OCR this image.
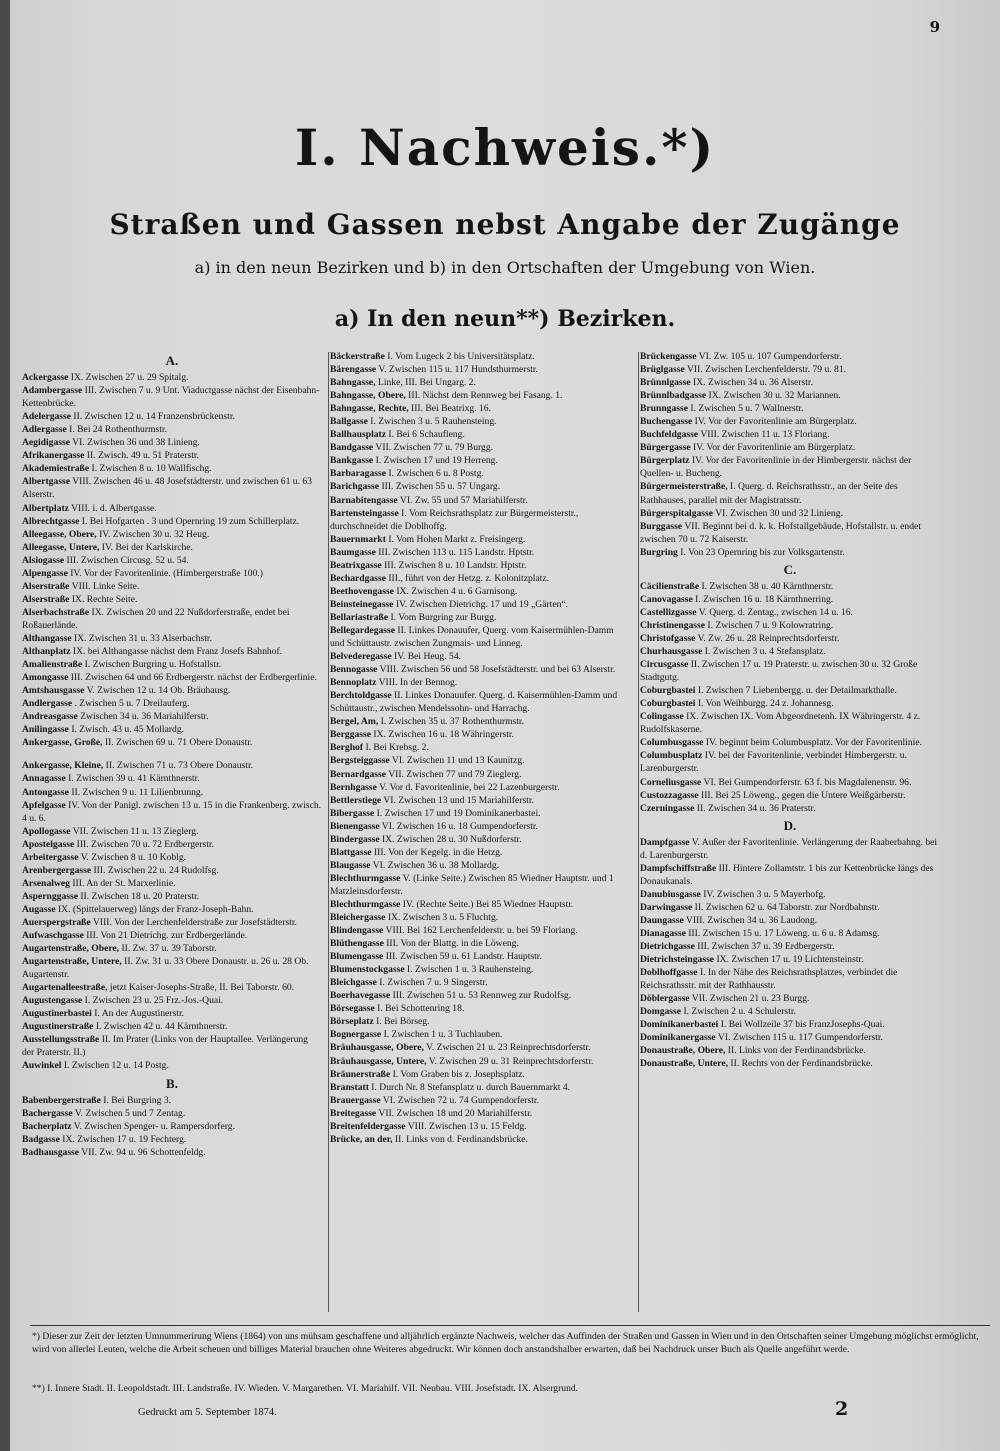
9
I. Nachweis.*)
Straßen und Gassen nebst Angabe der Zugänge
a) in den neun Bezirken und b) in den Ortschaften der Umgebung von Wien.
a) In den neun**) Bezirken.
A.

Ackergasse IX. Zwischen 27 u. 29 Spitalg.

Adambergasse III. Zwischen 7 u. 9 Unt. Viaductgasse nächst der Eisenbahn-Kettenbrücke.

Adelergasse II. Zwischen 12 u. 14 Franzensbrückenstr.

Adlergasse I. Bei 24 Rothenthurmstr.

Aegidigasse VI. Zwischen 36 und 38 Linieng.

Afrikanergasse II. Zwisch. 49 u. 51 Praterstr.

Akademiestraße I. Zwischen 8 u. 10 Wallfischg.

Albertgasse VIII. Zwischen 46 u. 48 Josefstädterstr. und zwischen 61 u. 63 Alserstr.

Albertplatz VIII. i. d. Albertgasse.

Albrechtgasse I. Bei Hofgarten . 3 und Opernring 19 zum Schillerplatz.

Alleegasse, Obere, IV. Zwischen 30 u. 32 Heug.

Alleegasse, Untere, IV. Bei der Karlskirche.

Alsiogasse III. Zwischen Circusg. 52 u. 54.

Alpengasse IV. Vor der Favoritenlinie. (Himbergerstraße 100.)

Alserstraße VIII. Linke Seite.

Alserstraße IX. Rechte Seite.

Alserbachstraße IX. Zwischen 20 und 22 Nußdorferstraße, endet bei Roßauerlände.

Althangasse IX. Zwischen 31 u. 33 Alserbachstr.

Althanplatz IX. bei Althangasse nächst dem Franz Josefs Bahnhof.

Amalienstraße I. Zwischen Burgring u. Hofstallstr.

Amongasse III. Zwischen 64 und 66 Erdbergerstr. nächst der Erdbergerlinie.

Amtshausgasse V. Zwischen 12 u. 14 Ob. Bräuhausg.

Andlergasse . Zwischen 5 u. 7 Dreilauferg.

Andreasgasse Zwischen 34 u. 36 Mariahilferstr.

Anilingasse I. Zwisch. 43 u. 45 Mollardg.

Ankergasse, Große, II. Zwischen 69 u. 71 Obere Donaustr.

Ankergasse, Kleine, II. Zwischen 71 u. 73 Obere Donaustr.

Annagasse I. Zwischen 39 u. 41 Kärnthnerstr.

Antongasse II. Zwischen 9 u. 11 Lilienbrunng.

Apfelgasse IV. Von der Panigl. zwischen 13 u. 15 in die Frankenberg. zwisch. 4 u. 6.

Apollogasse VII. Zwischen 11 u. 13 Zieglerg.

Apostelgasse III. Zwischen 70 u. 72 Erdbergerstr.

Arbeitergasse V. Zwischen 8 u. 10 Koblg.

Arenbergergasse III. Zwischen 22 u. 24 Rudolfsg.

Arsenalweg III. An der St. Marxerlinie.

Aspernggasse II. Zwischen 18 u. 20 Praterstr.

Augasse IX. (Spittelauerweg) längs der Franz-Joseph-Bahn.

Auerspergstraße VIII. Von der Lerchenfelderstraße zur Josefstädterstr.

Aufwaschgasse III. Von 21 Dietrichg. zur Erdbergerlände.

Augartenstraße, Obere, II. Zw. 37 u. 39 Taborstr.

Augartenstraße, Untere, II. Zw. 31 u. 33 Obere Donaustr. u. 26 u. 28 Ob. Augartenstr.

Augartenalleestraße, jetzt Kaiser-Josephs-Straße, II. Bei Taborstr. 60.

Augustengasse I. Zwischen 23 u. 25 Frz.-Jos.-Quai.

Augustinerbastei I. An der Augustinerstr.

Augustinerstraße I. Zwischen 42 u. 44 Kärnthnerstr.

Ausstellungsstraße II. Im Prater (Links von der Hauptallee. Verlängerung der Praterstr. II.)

Auwinkel I. Zwischen 12 u. 14 Postg.

B.

Babenbergerstraße I. Bei Burgring 3.

Bachergasse V. Zwischen 5 und 7 Zentag.

Bacherplatz V. Zwischen Spenger- u. Rampersdorferg.

Badgasse IX. Zwischen 17 u. 19 Fechterg.

Badhausgasse VII. Zw. 94 u. 96 Schottenfeldg.

Bäckerstraße I. Vom Lugeck 2 bis Universitätsplatz.

Bärengasse V. Zwischen 115 u. 117 Hundsthurmerstr.

Bahngasse, Linke, III. Bei Ungarg. 2.

Bahngasse, Obere, III. Nächst dem Rennweg bei Fasang. 1.

Bahngasse, Rechte, III. Bei Beatrixg. 16.

Ballgasse I. Zwischen 3 u. 5 Rauhensteing.

Ballhausplatz I. Bei 6 Schaufleng.

Bandgasse VII. Zwischen 77 u. 79 Burgg.

Bankgasse I. Zwischen 17 und 19 Herreng.

Barbaragasse I. Zwischen 6 u. 8 Postg.

Barichgasse III. Zwischen 55 u. 57 Ungarg.

Barnabitengasse VI. Zw. 55 und 57 Mariahilferstr.

Bartensteingasse I. Vom Reichsrathsplatz zur Bürgermeisterstr., durchschneidet die Doblhoffg.

Bauernmarkt I. Vom Hohen Markt z. Freisingerg.

Baumgasse III. Zwischen 113 u. 115 Landstr. Hptstr.

Beatrixgasse III. Zwischen 8 u. 10 Landstr. Hptstr.

Bechardgasse III., führt von der Hetzg. z. Kolonitzplatz.

Beethovengasse IX. Zwischen 4 u. 6 Garnisong.

Beinsteinegasse IV. Zwischen Dietrichg. 17 und 19 „Gärten“.

Bellariastraße I. Vom Burgring zur Burgg.

Bellegardegasse II. Linkes Donauufer, Querg. vom Kaisermühlen-Damm und Schüttaustr. zwischen Zungmais- und Linneg.

Belvederegasse IV. Bei Heug. 54.

Bennogasse VIII. Zwischen 56 und 58 Josefstädterstr. und bei 63 Alserstr.

Bennoplatz VIII. In der Bennog.

Berchtoldgasse II. Linkes Donauufer. Querg. d. Kaisermühlen-Damm und Schüttaustr., zwischen Mendelssohn- und Harrachg.

Bergel, Am, I. Zwischen 35 u. 37 Rothenthurmstr.

Berggasse IX. Zwischen 16 u. 18 Währingerstr.

Berghof I. Bei Krebsg. 2.

Bergsteiggasse VI. Zwischen 11 und 13 Kaunitzg.

Bernardgasse VII. Zwischen 77 und 79 Zieglerg.

Bernhgasse V. Vor d. Favoritenlinie, bei 22 Lazenburgerstr.

Bettlerstiege VI. Zwischen 13 und 15 Mariahilferstr.

Bibergasse I. Zwischen 17 und 19 Dominikanerbastei.

Bienengasse VI. Zwischen 16 u. 18 Gumpendorferstr.

Bindergasse IX. Zwischen 28 u. 30 Nußdorferstr.

Blattgasse III. Von der Kegelg. in die Hetzg.

Blaugasse VI. Zwischen 36 u. 38 Mollardg.

Blechthurmgasse V. (Linke Seite.) Zwischen 85 Wiedner Hauptstr. und 1 Matzleinsdorferstr.

Blechthurmgasse IV. (Rechte Seite.) Bei 85 Wiedner Hauptstr.

Bleichergasse IX. Zwischen 3 u. 5 Fluchtg.

Blindengasse VIII. Bei 162 Lerchenfelderstr. u. bei 59 Floriang.

Blüthengasse III. Von der Blattg. in die Löweng.

Blumengasse III. Zwischen 59 u. 61 Landstr. Hauptstr.

Blumenstockgasse I. Zwischen 1 u. 3 Rauhensteing.

Bleichgasse I. Zwischen 7 u. 9 Singerstr.

Boerhavegasse III. Zwischen 51 u. 53 Rennweg zur Rudolfsg.

Börsegasse I. Bei Schottenring 18.

Börseplatz I. Bei Börseg.

Bognergasse I. Zwischen 1 u. 3 Tuchlauben.

Bräuhausgasse, Obere, V. Zwischen 21 u. 23 Reinprechtsdorferstr.

Bräuhausgasse, Untere, V. Zwischen 29 u. 31 Reinprechtsdorferstr.

Bräunerstraße I. Vom Graben bis z. Josephsplatz.

Branstatt I. Durch Nr. 8 Stefansplatz u. durch Bauernmarkt 4.

Brauergasse VI. Zwischen 72 u. 74 Gumpendorferstr.

Breitegasse VII. Zwischen 18 und 20 Mariahilferstr.

Breitenfeldergasse VIII. Zwischen 13 u. 15 Feldg.

Brücke, an der, II. Links von d. Ferdinandsbrücke.

Brückengasse VI. Zw. 105 u. 107 Gumpendorferstr.

Brüglgasse VII. Zwischen Lerchenfelderstr. 79 u. 81.

Brünnlgasse IX. Zwischen 34 u. 36 Alserstr.

Brünnlbadgasse IX. Zwischen 30 u. 32 Mariannen.

Brunngasse I. Zwischen 5 u. 7 Wallnerstr.

Buchengasse IV. Vor der Favoritenlinie am Bürgerplatz.

Buchfeldgasse VIII. Zwischen 11 u. 13 Floriang.

Bürgergasse IV. Vor der Favoritenlinie am Bürgerplatz.

Bürgerplatz IV. Vor der Favoritenlinie in der Himbergerstr. nächst der Quellen- u. Bucheng.

Bürgermeisterstraße, I. Querg. d. Reichsrathsstr., an der Seite des Rathhauses, parallel mit der Magistratsstr.

Bürgerspitalgasse VI. Zwischen 30 und 32 Linieng.

Burggasse VII. Beginnt bei d. k. k. Hofstallgebäude, Hofstallstr. u. endet zwischen 70 u. 72 Kaiserstr.

Burgring I. Von 23 Opernring bis zur Volksgartenstr.

C.

Cäcilienstraße I. Zwischen 38 u. 40 Kärnthnerstr.

Canovagasse I. Zwischen 16 u. 18 Kärnthnerring.

Castellizgasse V. Querg. d. Zentag., zwischen 14 u. 16.

Christinengasse I. Zwischen 7 u. 9 Kolowratring.

Christofgasse V. Zw. 26 u. 28 Reinprechtsdorferstr.

Churhausgasse I. Zwischen 3 u. 4 Stefansplatz.

Circusgasse II. Zwischen 17 u. 19 Praterstr. u. zwischen 30 u. 32 Große Stadtgutg.

Coburgbastei I. Zwischen 7 Liebenbergg. u. der Detailmarkthalle.

Coburgbastei I. Von Weihburgg. 24 z. Johannesg.

Colingasse IX. Zwischen IX. Vom Abgeordnetenh. IX Währingerstr. 4 z. Rudolfskaserne.

Columbusgasse IV. beginnt beim Columbusplatz. Vor der Favoritenlinie.

Columbusplatz IV. bei der Favoritenlinie, verbindet Himbergerstr. u. Larenburgerstr.

Corneliusgasse VI. Bei Gumpendorferstr. 63 f. bis Magdalenenstr. 96.

Custozzagasse III. Bei 25 Löweng., gegen die Untere Weißgärberstr.

Czerningasse II. Zwischen 34 u. 36 Praterstr.

D.

Dampfgasse V. Außer der Favoritenlinie. Verlängerung der Raaberbahng. bei d. Larenburgerstr.

Dampfschiffstraße III. Hintere Zollamtstr. 1 bis zur Kettenbrücke längs des Donaukanals.

Danubiusgasse IV. Zwischen 3 u. 5 Mayerhofg.

Darwingasse II. Zwischen 62 u. 64 Taborstr. zur Nordbahnstr.

Daungasse VIII. Zwischen 34 u. 36 Laudong.

Dianagasse III. Zwischen 15 u. 17 Löweng. u. 6 u. 8 Adamsg.

Dietrichgasse III. Zwischen 37 u. 39 Erdbergerstr.

Dietrichsteingasse IX. Zwischen 17 u. 19 Lichtensteinstr.

Doblhoffgasse I. In der Nähe des Reichsrathsplatzes, verbindet die Reichsrathsstr. mit der Rathhausstr.

Döblergasse VII. Zwischen 21 u. 23 Burgg.

Domgasse I. Zwischen 2 u. 4 Schulerstr.

Dominikanerbastei I. Bei Wollzeile 37 bis FranzJosephs-Quai.

Dominikanergasse VI. Zwischen 115 u. 117 Gumpendorferstr.

Donaustraße, Obere, II. Links von der Ferdinandsbrücke.

Donaustraße, Untere, II. Rechts von der Ferdinandsbrücke.

*) Dieser zur Zeit der letzten Umnummerirung Wiens (1864) von uns mühsam geschaffene und alljährlich ergänzte Nachweis, welcher das Auffinden der Straßen und Gassen in Wien und in den Ortschaften seiner Umgebung möglichst ermöglicht, wird von allerlei Leuten, welche die Arbeit scheuen und billiges Material brauchen ohne Weiteres abgedruckt. Wir können doch anstandshalber erwarten, daß bei Nachdruck unser Buch als Quelle angeführt werde.
**) I. Innere Stadt. II. Leopoldstadt. III. Landstraße. IV. Wieden. V. Margarethen. VI. Mariahilf. VII. Neubau. VIII. Josefstadt. IX. Alsergrund.
Gedruckt am 5. September 1874.	2
